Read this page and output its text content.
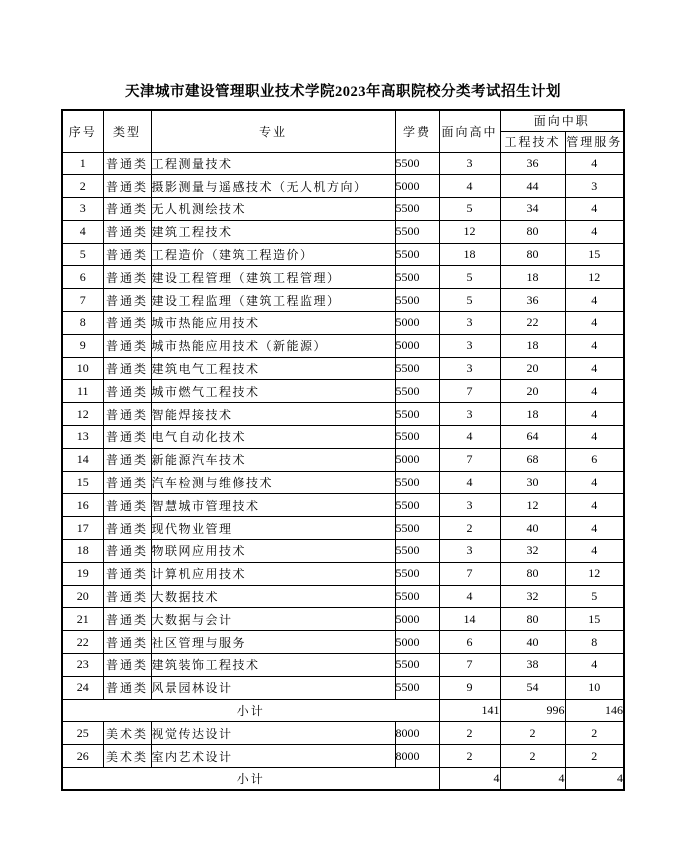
天津城市建设管理职业技术学院2023年高职院校分类考试招生计划
序号	类型	专业	学费	面向高中	面向中职	
					工程技术	管理服务
1	普通类	工程测量技术	5500	3	36	4
2	普通类	摄影测量与遥感技术（无人机方向）	5000	4	44	3
3	普通类	无人机测绘技术	5500	5	34	4
4	普通类	建筑工程技术	5500	12	80	4
5	普通类	工程造价（建筑工程造价）	5500	18	80	15
6	普通类	建设工程管理（建筑工程管理）	5500	5	18	12
7	普通类	建设工程监理（建筑工程监理）	5500	5	36	4
8	普通类	城市热能应用技术	5000	3	22	4
9	普通类	城市热能应用技术（新能源）	5000	3	18	4
10	普通类	建筑电气工程技术	5500	3	20	4
11	普通类	城市燃气工程技术	5500	7	20	4
12	普通类	智能焊接技术	5500	3	18	4
13	普通类	电气自动化技术	5500	4	64	4
14	普通类	新能源汽车技术	5000	7	68	6
15	普通类	汽车检测与维修技术	5500	4	30	4
16	普通类	智慧城市管理技术	5500	3	12	4
17	普通类	现代物业管理	5500	2	40	4
18	普通类	物联网应用技术	5500	3	32	4
19	普通类	计算机应用技术	5500	7	80	12
20	普通类	大数据技术	5500	4	32	5
21	普通类	大数据与会计	5000	14	80	15
22	普通类	社区管理与服务	5000	6	40	8
23	普通类	建筑装饰工程技术	5500	7	38	4
24	普通类	风景园林设计	5500	9	54	10
小计				141	996	146
25	美术类	视觉传达设计	8000	2	2	2
26	美术类	室内艺术设计	8000	2	2	2
小计				4	4	4
